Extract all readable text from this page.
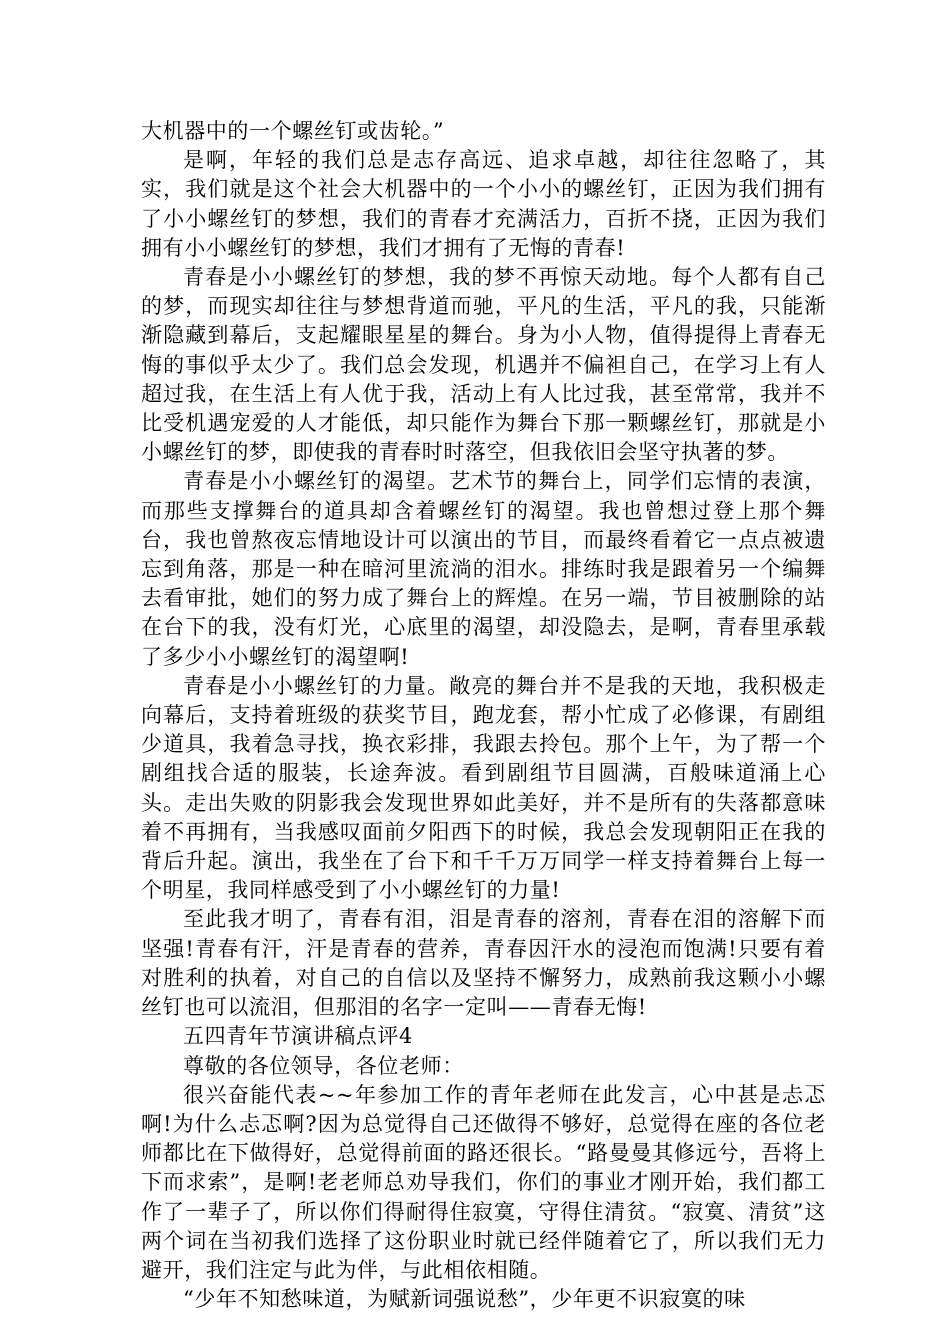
大机器中的一个螺丝钉或齿轮。”

是啊，年轻的我们总是志存高远、追求卓越，却往往忽略了，其实，我们就是这个社会大机器中的一个小小的螺丝钉，正因为我们拥有了小小螺丝钉的梦想，我们的青春才充满活力，百折不挠，正因为我们拥有小小螺丝钉的梦想，我们才拥有了无悔的青春!

青春是小小螺丝钉的梦想，我的梦不再惊天动地。每个人都有自己的梦，而现实却往往与梦想背道而驰，平凡的生活，平凡的我，只能渐渐隐藏到幕后，支起耀眼星星的舞台。身为小人物，值得提得上青春无悔的事似乎太少了。我们总会发现，机遇并不偏袒自己，在学习上有人超过我，在生活上有人优于我，活动上有人比过我，甚至常常，我并不比受机遇宠爱的人才能低，却只能作为舞台下那一颗螺丝钉，那就是小小螺丝钉的梦，即使我的青春时时落空，但我依旧会坚守执著的梦。

青春是小小螺丝钉的渴望。艺术节的舞台上，同学们忘情的表演，而那些支撑舞台的道具却含着螺丝钉的渴望。我也曾想过登上那个舞台，我也曾熬夜忘情地设计可以演出的节目，而最终看着它一点点被遗忘到角落，那是一种在暗河里流淌的泪水。排练时我是跟着另一个编舞去看审批，她们的努力成了舞台上的辉煌。在另一端，节目被删除的站在台下的我，没有灯光，心底里的渴望，却没隐去，是啊，青春里承载了多少小小螺丝钉的渴望啊!

青春是小小螺丝钉的力量。敞亮的舞台并不是我的天地，我积极走向幕后，支持着班级的获奖节目，跑龙套，帮小忙成了必修课，有剧组少道具，我着急寻找，换衣彩排，我跟去拎包。那个上午，为了帮一个剧组找合适的服装，长途奔波。看到剧组节目圆满，百般味道涌上心头。走出失败的阴影我会发现世界如此美好，并不是所有的失落都意味着不再拥有，当我感叹面前夕阳西下的时候，我总会发现朝阳正在我的背后升起。演出，我坐在了台下和千千万万同学一样支持着舞台上每一个明星，我同样感受到了小小螺丝钉的力量!

至此我才明了，青春有泪，泪是青春的溶剂，青春在泪的溶解下而坚强!青春有汗，汗是青春的营养，青春因汗水的浸泡而饱满!只要有着对胜利的执着，对自己的自信以及坚持不懈努力，成熟前我这颗小小螺丝钉也可以流泪，但那泪的名字一定叫——青春无悔!

五四青年节演讲稿点评4

尊敬的各位领导，各位老师：

很兴奋能代表~~年参加工作的青年老师在此发言，心中甚是忐忑啊!为什么忐忑啊?因为总觉得自己还做得不够好，总觉得在座的各位老师都比在下做得好，总觉得前面的路还很长。“路曼曼其修远兮，吾将上下而求索”，是啊!老老师总劝导我们，你们的事业才刚开始，我们都工作了一辈子了，所以你们得耐得住寂寞，守得住清贫。“寂寞、清贫”这两个词在当初我们选择了这份职业时就已经伴随着它了，所以我们无力避开，我们注定与此为伴，与此相依相随。

“少年不知愁味道，为赋新词强说愁”，少年更不识寂寞的味
